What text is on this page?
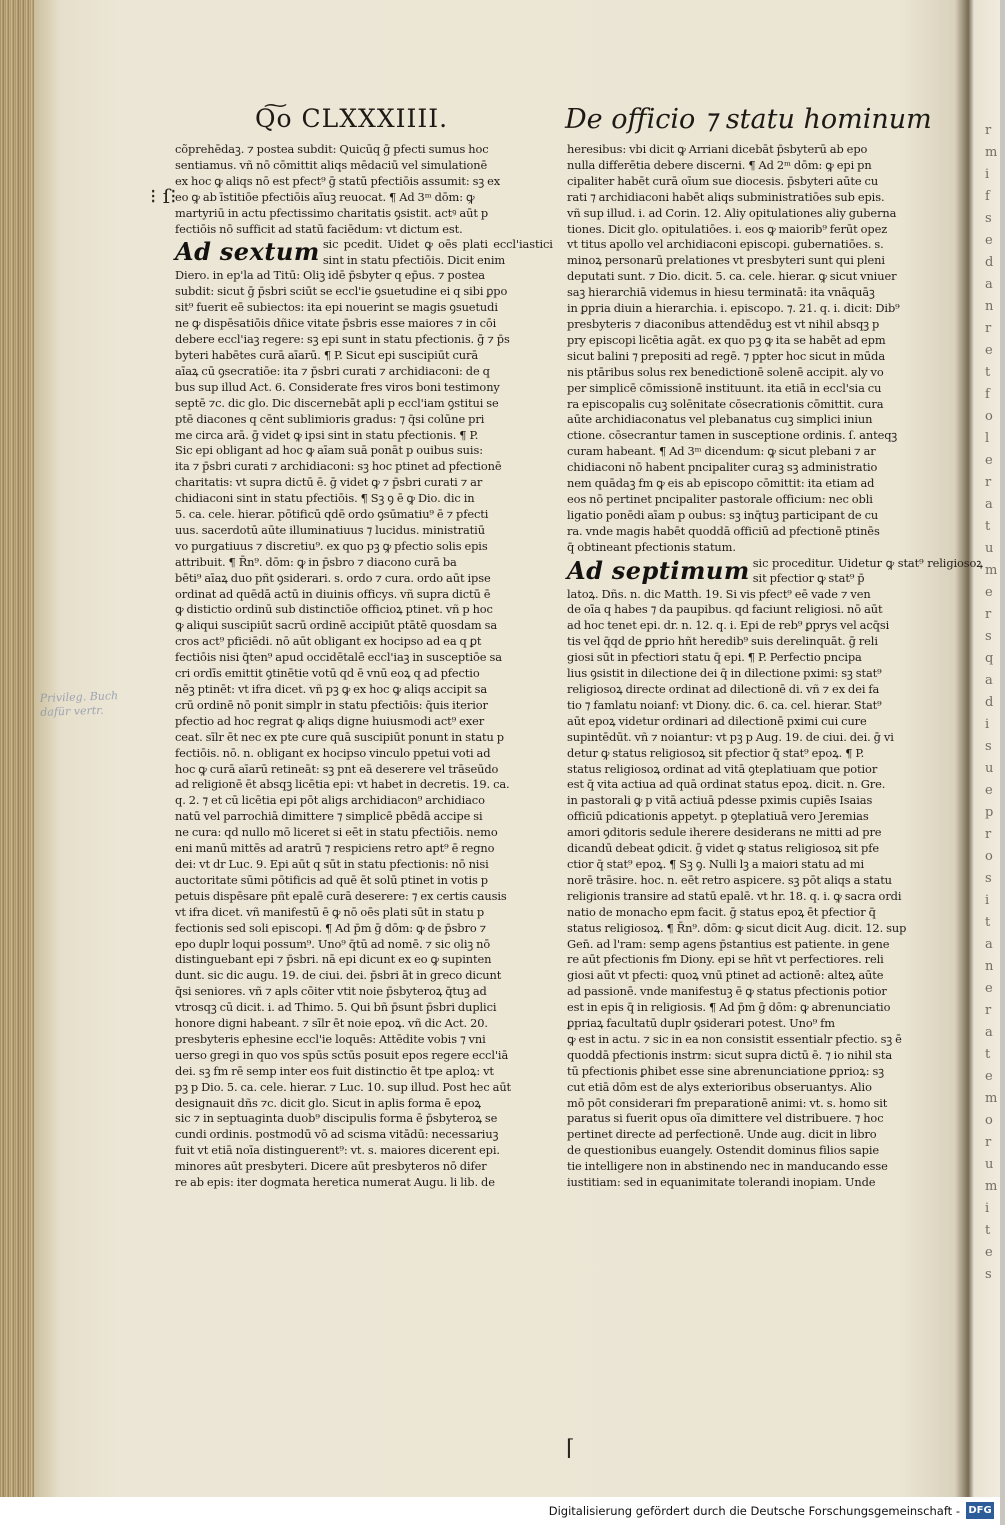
Q͠o CLXXXIIII.	De officio ⁊ statu hominum
⁝ ſ⁝
Privileg. Buch dafür vertr.
⌈
cõprehēdaꝫ. ⁊ postea subdit: Quicūq ḡ pfecti sumus hoc
sentiamus. vñ nō cōmittit aliqs mēdaciū vel simulationē
ex hoc ꝙ aliqs nō est pfect⁹ ḡ statū pfectiōis assumit: sꝫ ex
eo ꝙ ab īstitiōe pfectiōis aīuꝫ reuocat. ¶ Ad 3ᵐ dōm: ꝙ
martyriū in actu pfectissimo charitatis ꝯsistit. actꝰ aūt p
fectiōis nō sufficit ad statū faciēdum: vt dictum est.
Ad sextum sic pcedit. Uidet ꝙ oēs plati eccl'iastici sint in statu pfectiōis. Dicit enim
Diero. in ep'la ad Titū: Oliꝫ idē p̄sbyter q ep̄us. ⁊ postea
subdit: sicut ḡ p̄sbri sciūt se eccl'ie ꝯsuetudine ei q sibi ꝑpo
sit⁹ fuerit eē subiectos: ita epi nouerint se magis ꝯsuetudi
ne ꝙ dispēsatiōis dñice vitate p̄sbris esse maiores ⁊ in cōi
debere eccl'iaꝫ regere: sꝫ epi sunt in statu pfectionis. ḡ ⁊ p̄s
byteri habētes curā aīarū. ¶ P. Sicut epi suscipiūt curā
aīaꝝ cū ꝯsecratiōe: ita ⁊ p̄sbri curati ⁊ archidiaconi: de q
bus sup illud Act. 6. Considerate fres viros boni testimony
septē ⁊c. dic glo. Dic discernebāt apli p eccl'iam ꝯstitui se
ptē diacones q cēnt sublimioris gradus: ⁊ q̄si colūne pri
me circa arā. ḡ videt ꝙ ipsi sint in statu pfectionis. ¶ P.
Sic epi obligant ad hoc ꝙ aīam suā ponāt p ouibus suis:
ita ⁊ p̄sbri curati ⁊ archidiaconi: sꝫ hoc ptinet ad pfectionē
charitatis: vt supra dictū ē. ḡ videt ꝙ ⁊ p̄sbri curati ⁊ ar
chidiaconi sint in statu pfectiōis. ¶ Sꝫ ꝯ ē ꝙ Dio. dic in
5. ca. cele. hierar. pōtificū qdē ordo ꝯsūmatiu⁹ ē ⁊ pfecti
uus. sacerdotū aūte illuminatiuus ⁊ lucidus. ministratiū
vo purgatiuus ⁊ discretiu⁹. ex quo pꝫ ꝙ pfectio solis epis
attribuit. ¶ R̄n⁹. dōm: ꝙ in p̄sbro ⁊ diacono curā ba
bēti⁹ aīaꝝ duo pñt ꝯsiderari. s. ordo ⁊ cura. ordo aūt ipse
ordinat ad quēdā actū in diuinis officys. vñ supra dictū ē
ꝙ distictio ordinū sub distinctiōe officioꝝ ptinet. vñ p hoc
ꝙ aliqui suscipiūt sacrū ordinē accipiūt ptātē quosdam sa
cros act⁹ pficiēdi. nō aūt obligant ex hocipso ad ea q ꝑt
fectiōis nisi q̄ten⁹ apud occidētalē eccl'iaꝫ in susceptiōe sa
cri ordīs emittit ꝯtinētie votū qd ē vnū eoꝝ q ad pfectio
nēꝫ ptinēt: vt ifra dicet. vñ pꝫ ꝙ ex hoc ꝙ aliqs accipit sa
crū ordinē nō ponit simplr in statu pfectiōis: q̄uis iterior
pfectio ad hoc regrat ꝙ aliqs digne huiusmodi act⁹ exer
ceat. sīlr ēt nec ex pte cure quā suscipiūt ponunt in statu p
fectiōis. nō. n. obligant ex hocipso vinculo ppetui voti ad
hoc ꝙ curā aīarū retineāt: sꝫ pnt eā deserere vel trāseūdo
ad religionē ēt absqꝫ licētia epi: vt habet in decretis. 19. ca.
q. 2. ⁊ et cū licētia epi pōt aligs archidiacon⁹ archidiaco
natū vel parrochiā dimittere ⁊ simplicē pbēdā accipe si
ne cura: qd nullo mō liceret si eēt in statu pfectiōis. nemo
eni manū mittēs ad aratrū ⁊ respiciens retro apt⁹ ē regno
dei: vt dr Luc. 9. Epi aūt q sūt in statu pfectionis: nō nisi
auctoritate sūmi pōtificis ad quē ēt solū ptinet in votis p
petuis dispēsare pñt epalē curā deserere: ⁊ ex certis causis
vt ifra dicet. vñ manifestū ē ꝙ nō oēs plati sūt in statu p
fectionis sed soli episcopi. ¶ Ad p̄m ḡ dōm: ꝙ de p̄sbro ⁊
epo duplr loqui possum⁹. Uno⁹ q̄tū ad nomē. ⁊ sic oliꝫ nō
distinguebant epi ⁊ p̄sbri. nā epi dicunt ex eo ꝙ supinten
dunt. sic dic augu. 19. de ciui. dei. p̄sbri āt in greco dicunt
q̄si seniores. vñ ⁊ apls cōiter vtit noie p̄sbyteroꝝ q̄tuꝫ ad
vtrosqꝫ cū dicit. i. ad Thimo. 5. Qui bñ p̄sunt p̄sbri duplici
honore digni habeant. ⁊ sīlr ēt noie epoꝝ. vñ dic Act. 20.
presbyteris ephesine eccl'ie loquēs: Attēdite vobis ⁊ vni
uerso gregi in quo vos spūs sctūs posuit epos regere eccl'iā
dei. sꝫ fm rē semp inter eos fuit distinctio ēt tpe aploꝝ: vt
pꝫ p Dio. 5. ca. cele. hierar. ⁊ Luc. 10. sup illud. Post hec aūt
designauit dñs ⁊c. dicit glo. Sicut in aplis forma ē epoꝝ
sic ⁊ in septuaginta duob⁹ discipulis forma ē p̄sbyteroꝝ se
cundi ordinis. postmodū vō ad scisma vitādū: necessariuꝫ
fuit vt etiā noīa distinguerent⁹: vt. s. maiores dicerent epi.
minores aūt presbyteri. Dicere aūt presbyteros nō difer
re ab epis: iter dogmata heretica numerat Augu. li lib. de
heresibus: vbi dicit ꝙ Arriani dicebāt p̄sbyterū ab epo
nulla differētia debere discerni. ¶ Ad 2ᵐ dōm: ꝙ epi pn
cipaliter habēt curā oīum sue diocesis. p̄sbyteri aūte cu
rati ⁊ archidiaconi habēt aliqs subministratiōes sub epis.
vñ sup illud. i. ad Corin. 12. Aliy opitulationes aliy guberna
tiones. Dicit glo. opitulatiōes. i. eos ꝙ maiorib⁹ ferūt opez
vt titus apollo vel archidiaconi episcopi. gubernatiōes. s.
minoꝝ personarū prelationes vt presbyteri sunt qui pleni
deputati sunt. ⁊ Dio. dicit. 5. ca. cele. hierar. ꝙ sicut vniuer
saꝫ hierarchiā videmus in hiesu terminatā: ita vnāquāꝫ
in ꝑpria diuin a hierarchia. i. episcopo. ⁊. 21. q. i. dicit: Dib⁹
presbyteris ⁊ diaconibus attendēduꝫ est vt nihil absqꝫ p
pry episcopi licētia agāt. ex quo pꝫ ꝙ ita se habēt ad epm
sicut balini ⁊ prepositi ad regē. ⁊ ppter hoc sicut in mūda
nis ptāribus solus rex benedictionē solenē accipit. aly vo
per simplicē cōmissionē instituunt. ita etiā in eccl'sia cu
ra episcopalis cuꝫ solēnitate cōsecrationis cōmittit. cura
aūte archidiaconatus vel plebanatus cuꝫ simplici iniun
ctione. cōsecrantur tamen in susceptione ordinis. ſ. anteqꝫ
curam habeant. ¶ Ad 3ᵐ dicendum: ꝙ sicut plebani ⁊ ar
chidiaconi nō habent pncipaliter curaꝫ sꝫ administratio
nem quādaꝫ fm ꝙ eis ab episcopo cōmittit: ita etiam ad
eos nō pertinet pncipaliter pastorale officium: nec obli
ligatio ponēdi aīam p oubus: sꝫ inq̄tuꝫ participant de cu
ra. vnde magis habēt quoddā officiū ad pfectionē ptinēs
q̄ obtineant pfectionis statum.
Ad septimum sic proceditur. Uidetur ꝙ stat⁹ religiosoꝝ sit pfectior ꝙ stat⁹ p̄
latoꝝ. Dñs. n. dic Matth. 19. Si vis pfect⁹ eē vade ⁊ ven
de oīa q habes ⁊ da paupibus. qd faciunt religiosi. nō aūt
ad hoc tenet epi. dr. n. 12. q. i. Epi de reb⁹ ꝑprys vel acq̄si
tis vel q̄qd de ꝑprio hñt heredib⁹ suis derelinquāt. ḡ reli
giosi sūt in pfectiori statu q̄ epi. ¶ P. Perfectio pncipa
lius ꝯsistit in dilectione dei q̄ in dilectione pximi: sꝫ stat⁹
religiosoꝝ directe ordinat ad dilectionē di. vñ ⁊ ex dei fa
tio ⁊ famlatu noianf: vt Diony. dic. 6. ca. cel. hierar. Stat⁹
aūt epoꝝ videtur ordinari ad dilectionē pximi cui cure
supintēdūt. vñ ⁊ noiantur: vt pꝫ p Aug. 19. de ciui. dei. ḡ vi
detur ꝙ status religiosoꝝ sit pfectior q̄ stat⁹ epoꝝ. ¶ P.
status religiosoꝝ ordinat ad vitā ꝯteplatiuam que potior
est q̄ vita actiua ad quā ordinat status epoꝝ. dicit. n. Gre.
in pastorali ꝙ p vitā actiuā pdesse pximis cupiēs Isaias
officiū pdicationis appetyt. p ꝯteplatiuā vero Jeremias
amori ꝯditoris sedule iherere desiderans ne mitti ad pre
dicandū debeat ꝯdicit. ḡ videt ꝙ status religiosoꝝ sit pfe
ctior q̄ stat⁹ epoꝝ. ¶ Sꝫ ꝯ. Nulli lꝫ a maiori statu ad mi
norē trāsire. hoc. n. eēt retro aspicere. sꝫ pōt aliqs a statu
religionis transire ad statū epalē. vt hr. 18. q. i. ꝙ sacra ordi
natio de monacho epm facit. ḡ status epoꝝ ēt pfectior q̄
status religiosoꝝ. ¶ R̄n⁹. dōm: ꝙ sicut dicit Aug. dicit. 12. sup
Gen̄. ad l'ram: semp agens p̄stantius est patiente. in gene
re aūt pfectionis fm Diony. epi se hñt vt perfectiores. reli
giosi aūt vt pfecti: quoꝝ vnū ptinet ad actionē: alteꝝ aūte
ad passionē. vnde manifestuꝫ ē ꝙ status pfectionis potior
est in epis q̄ in religiosis. ¶ Ad p̄m ḡ dōm: ꝙ abrenunciatio
ꝑpriaꝝ facultatū duplr ꝯsiderari potest. Uno⁹ fm
ꝙ est in actu. ⁊ sic in ea non consistit essentialr pfectio. sꝫ ē
quoddā pfectionis instrm: sicut supra dictū ē. ⁊ io nihil sta
tū pfectionis ꝑhibet esse sine abrenunciatione ꝑprioꝝ: sꝫ
cut etiā dōm est de alys exterioribus obseruantys. Alio
mō pōt considerari fm preparationē animi: vt. s. homo sit
paratus si fuerit opus oīa dimittere vel distribuere. ⁊ hoc
pertinet directe ad perfectionē. Unde aug. dicit in libro
de questionibus euangely. Ostendit dominus filios sapie
tie intelligere non in abstinendo nec in manducando esse
iustitiam: sed in equanimitate tolerandi inopiam. Unde
r
m
i
f
s
e
d
a
n
r
e
t
f
o
l
e
r
a
t
u
m
e
r
s
q
a
d
i
s
u
e
p
r
o
s
i
t
a
n
e
r
a
t
e
m
o
r
u
m
i
t
e
s
Digitalisierung gefördert durch die Deutsche Forschungsgemeinschaft - DFG
